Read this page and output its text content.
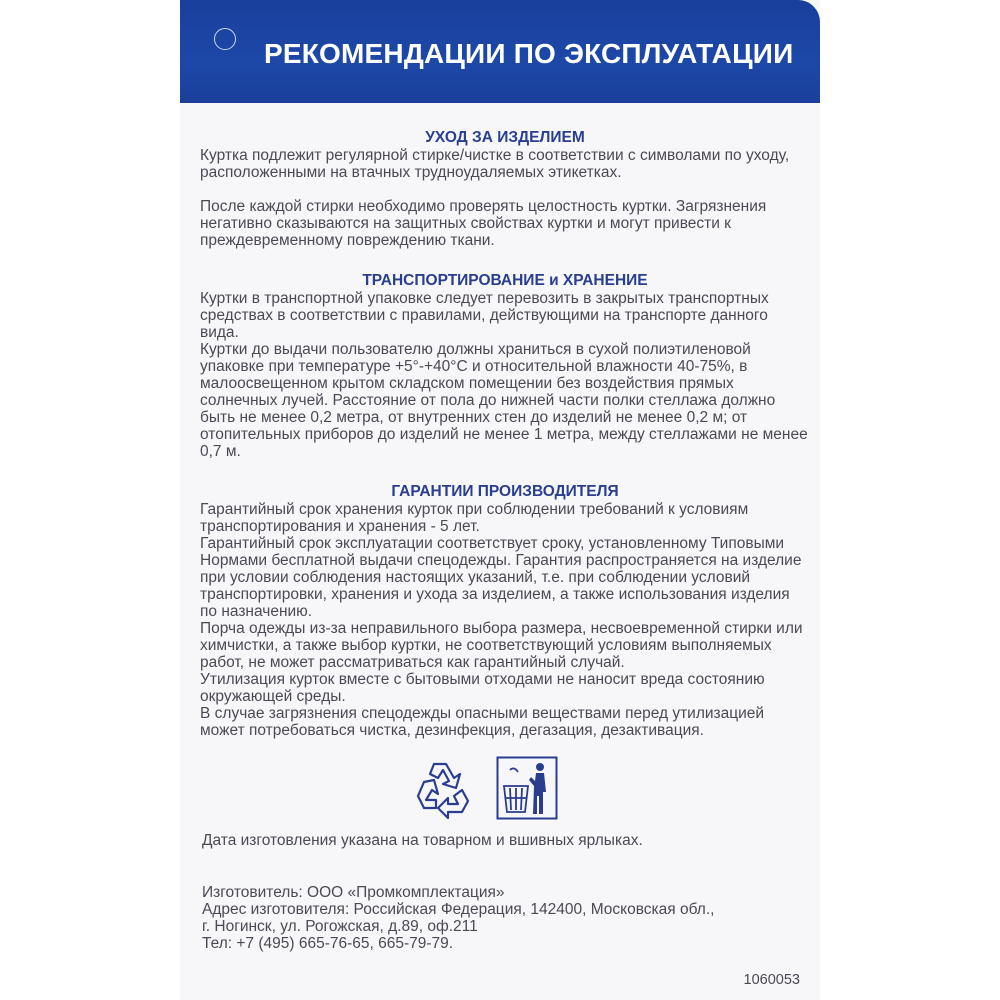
РЕКОМЕНДАЦИИ ПО ЭКСПЛУАТАЦИИ

УХОД ЗА ИЗДЕЛИЕМ

Куртка подлежит регулярной стирке/чистке в соответствии с символами по уходу, расположенными на втачных трудноудаляемых этикетках.

После каждой стирки необходимо проверять целостность куртки. Загрязнения негативно сказываются на защитных свойствах куртки и могут привести к преждевременному повреждению ткани.

ТРАНСПОРТИРОВАНИЕ и ХРАНЕНИЕ

Куртки в транспортной упаковке следует перевозить в закрытых транспортных средствах в соответствии с правилами, действующими на транспорте данного вида.

Куртки до выдачи пользователю должны храниться в сухой полиэтиленовой упаковке при температуре +5°-+40°С и относительной влажности 40-75%, в малоосвещенном крытом складском помещении без воздействия прямых солнечных лучей. Расстояние от пола до нижней части полки стеллажа должно быть не менее 0,2 метра, от внутренних стен до изделий не менее 0,2 м; от отопительных приборов до изделий не менее 1 метра, между стеллажами не менее 0,7 м.

ГАРАНТИИ ПРОИЗВОДИТЕЛЯ

Гарантийный срок хранения курток при соблюдении требований к условиям транспортирования и хранения - 5 лет.

Гарантийный срок эксплуатации соответствует сроку, установленному Типовыми Нормами бесплатной выдачи спецодежды. Гарантия распространяется на изделие при условии соблюдения настоящих указаний, т.е. при соблюдении условий транспортировки, хранения и ухода за изделием, а также использования изделия по назначению.

Порча одежды из-за неправильного выбора размера, несвоевременной стирки или химчистки, а также выбор куртки, не соответствующий условиям выполняемых работ, не может рассматриваться как гарантийный случай.

Утилизация курток вместе с бытовыми отходами не наносит вреда состоянию окружающей среды.

В случае загрязнения спецодежды опасными веществами перед утилизацией может потребоваться чистка, дезинфекция, дегазация, дезактивация.

Дата изготовления указана на товарном и вшивных ярлыках.

Изготовитель: ООО «Промкомплектация»

Адрес изготовителя: Российская Федерация, 142400, Московская обл.,

г. Ногинск, ул. Рогожская, д.89, оф.211

Тел: +7 (495) 665-76-65, 665-79-79.

1060053
